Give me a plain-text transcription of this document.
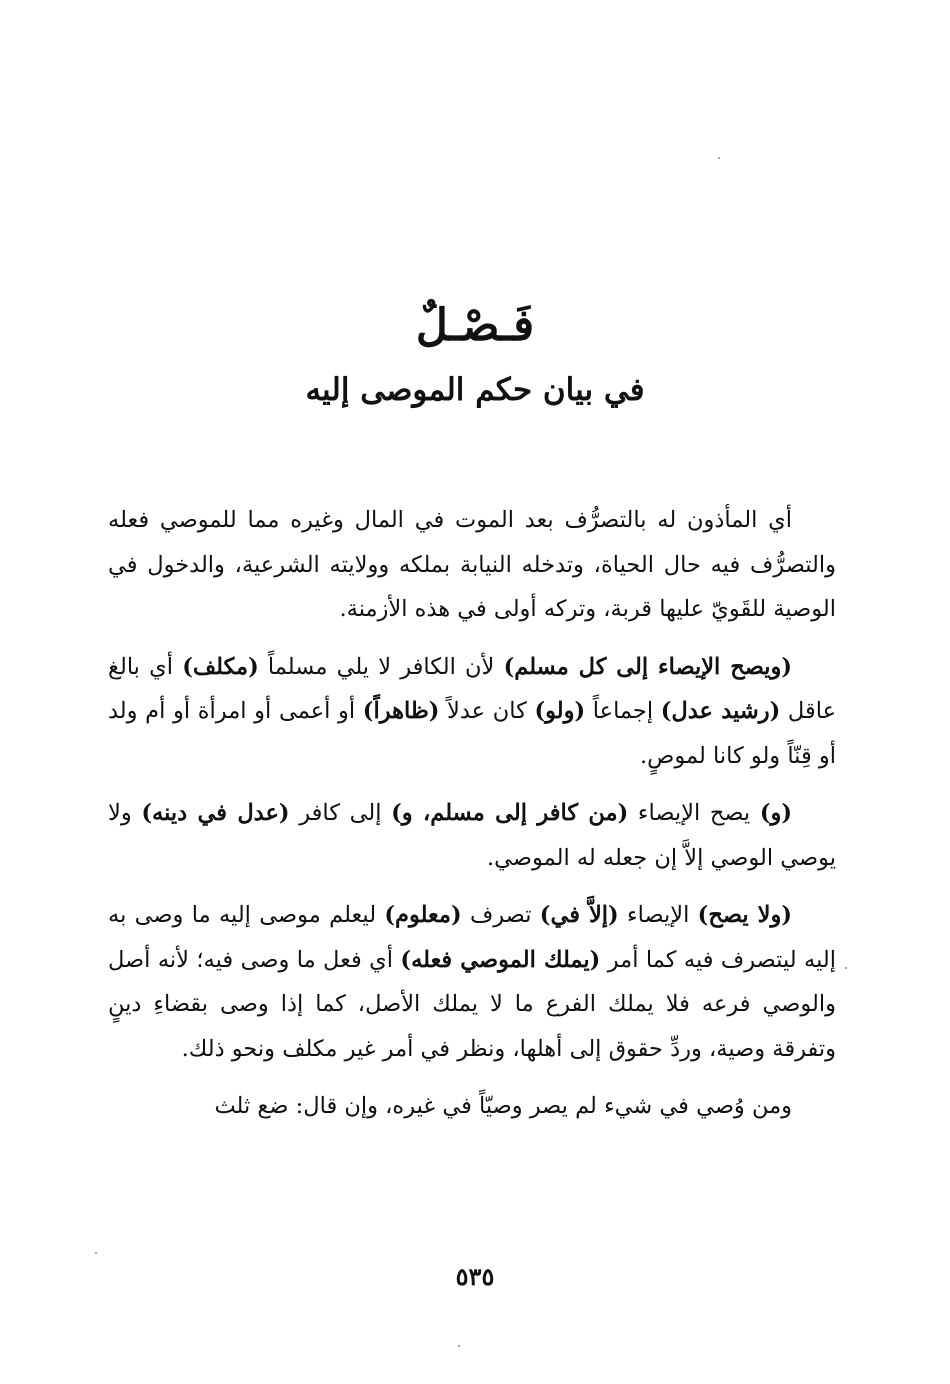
فَـصْـلٌ
في بيان حكم الموصى إليه

أي المأذون له بالتصرُّف بعد الموت في المال وغيره مما للموصي فعله والتصرُّف فيه حال الحياة، وتدخله النيابة بملكه وولايته الشرعية، والدخول في الوصية للقَويّ عليها قربة، وتركه أولى في هذه الأزمنة.

(ويصح الإيصاء إلى كل مسلم) لأن الكافر لا يلي مسلماً (مكلف) أي بالغ عاقل (رشيد عدل) إجماعاً (ولو) كان عدلاً (ظاهراً) أو أعمى أو امرأة أو أم ولد أو قِنّاً ولو كانا لموصٍ.

(و) يصح الإيصاء (من كافر إلى مسلم، و) إلى كافر (عدل في دينه) ولا يوصي الوصي إلاَّ إن جعله له الموصي.

(ولا يصح) الإيصاء (إلاَّ في) تصرف (معلوم) ليعلم موصى إليه ما وصى به إليه ليتصرف فيه كما أمر (يملك الموصي فعله) أي فعل ما وصى فيه؛ لأنه أصل والوصي فرعه فلا يملك الفرع ما لا يملك الأصل، كما إذا وصى بقضاءِ دينٍ وتفرقة وصية، وردِّ حقوق إلى أهلها، ونظر في أمر غير مكلف ونحو ذلك.

ومن وُصي في شيء لم يصر وصيّاً في غيره، وإن قال: ضع ثلث

٥٣٥
